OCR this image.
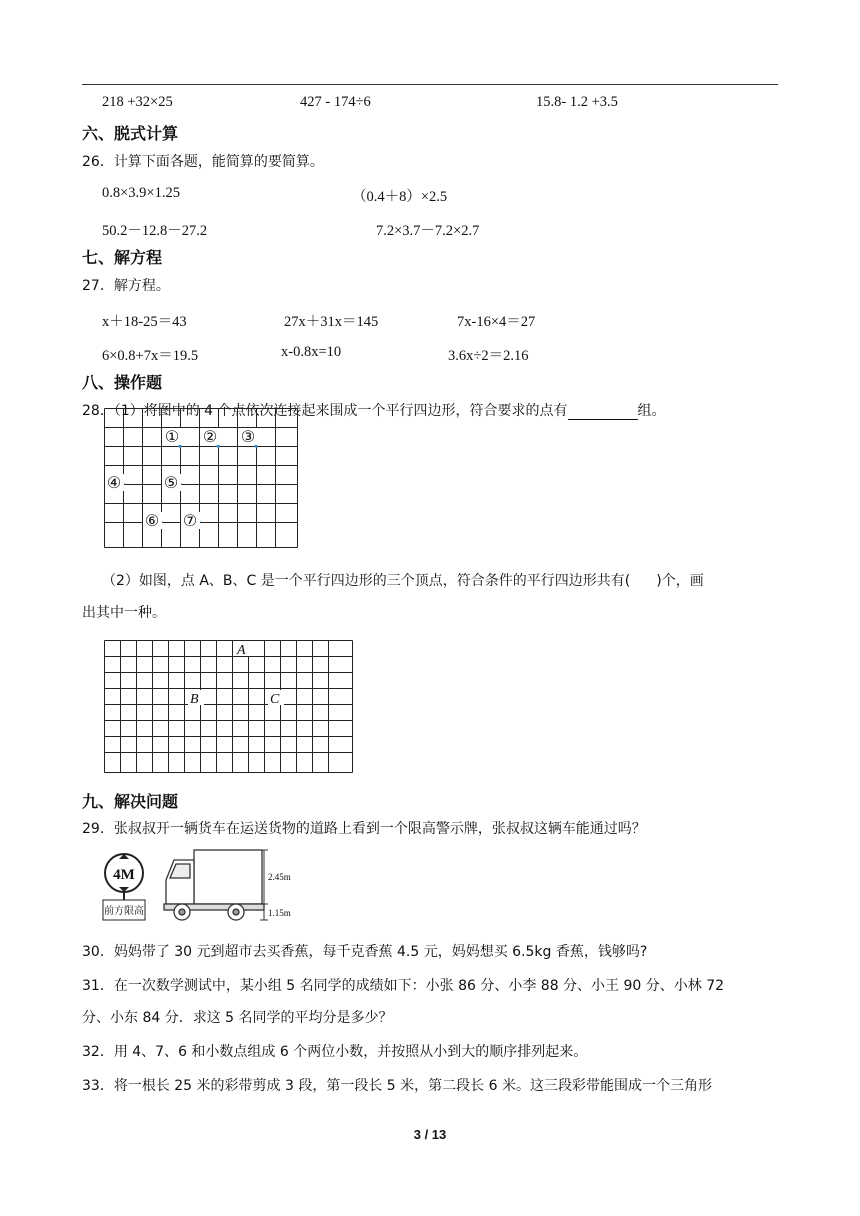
218 +32×25	427 - 174÷6	15.8- 1.2 +3.5
六、脱式计算
26．计算下面各题，能简算的要简算。
0.8×3.9×1.25	（0.4＋8）×2.5
50.2－12.8－27.2	7.2×3.7－7.2×2.7
七、解方程
27．解方程。
x＋18-25＝43	27x＋31x＝145	7x-16×4＝27
6×0.8+7x＝19.5	x-0.8x=10	3.6x÷2＝2.16
八、操作题
28．（1）将图中的 4 个点依次连接起来围成一个平行四边形，符合要求的点有	组。
① ② ③
④	⑤
⑥ ⑦
（2）如图，点 A、B、C 是一个平行四边形的三个顶点，符合条件的平行四边形共有( )个，画
出其中一种。
A
B	C
九、解决问题
29．张叔叔开一辆货车在运送货物的道路上看到一个限高警示牌，张叔叔这辆车能通过吗？
4M
前方限高
2.45m
1.15m
30．妈妈带了 30 元到超市去买香蕉，每千克香蕉 4.5 元，妈妈想买 6.5kg 香蕉，钱够吗?
31．在一次数学测试中，某小组 5 名同学的成绩如下：小张 86 分、小李 88 分、小王 90 分、小林 72
分、小东 84 分．求这 5 名同学的平均分是多少？
32．用 4、7、6 和小数点组成 6 个两位小数，并按照从小到大的顺序排列起来。
33．将一根长 25 米的彩带剪成 3 段，第一段长 5 米，第二段长 6 米。这三段彩带能围成一个三角形
3 / 13
